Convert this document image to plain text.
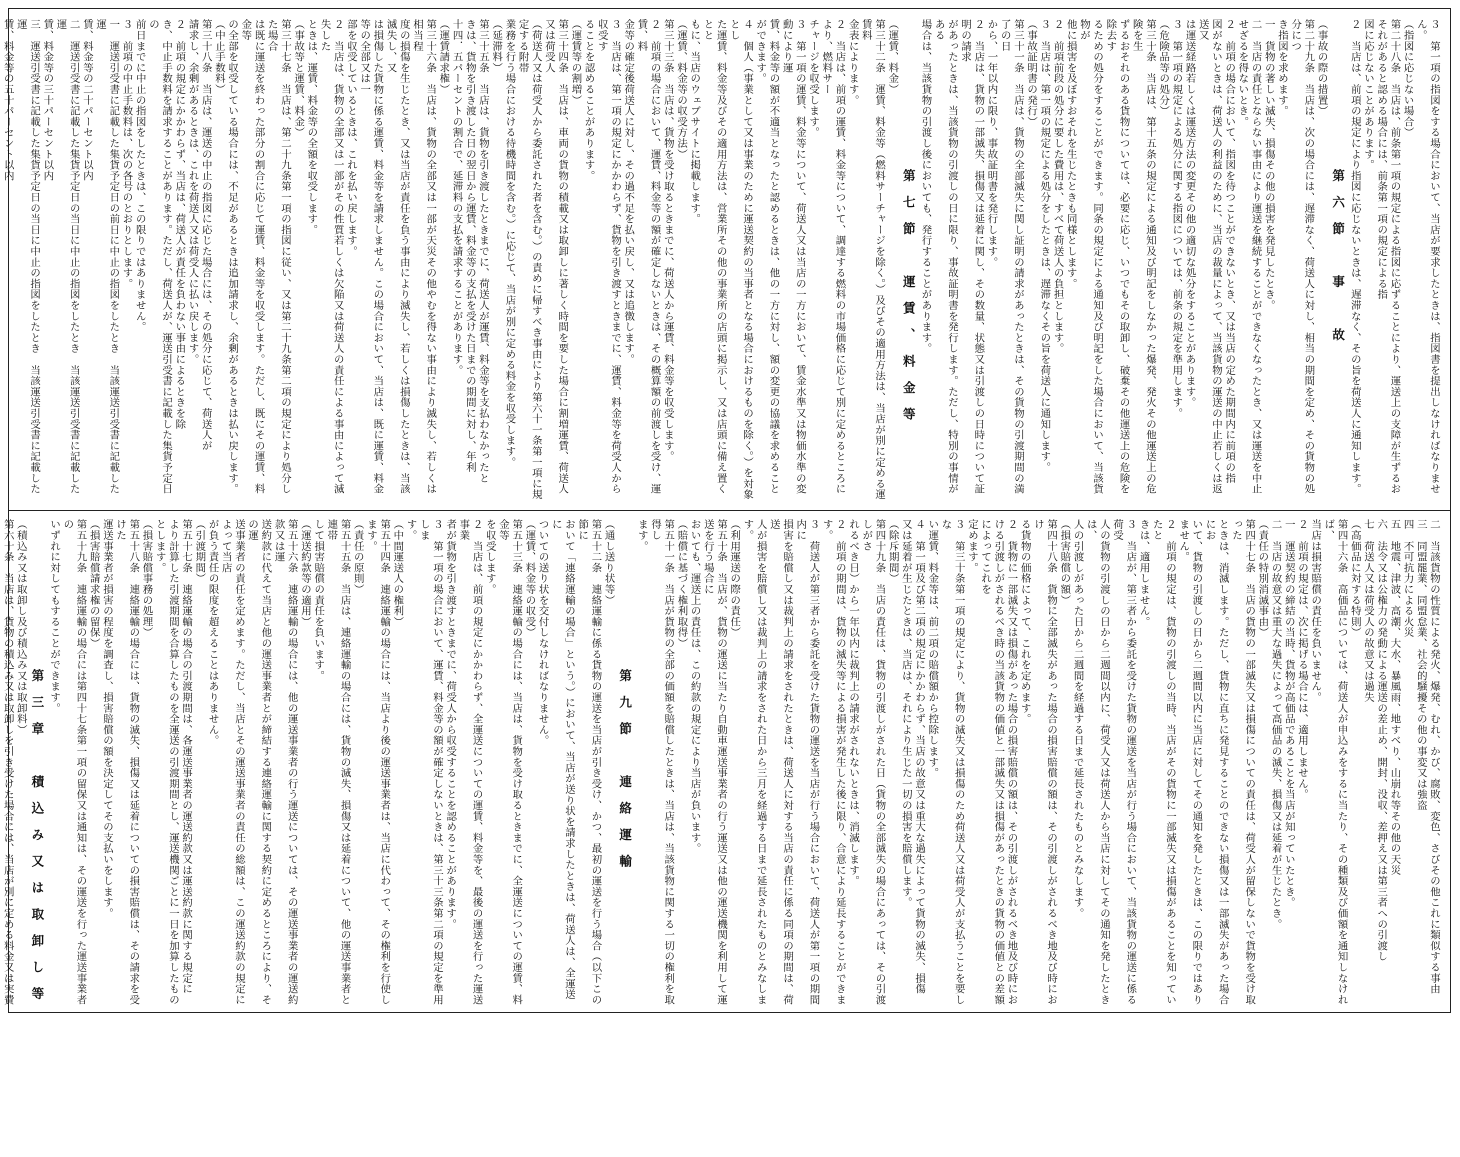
３　第一項の指図をする場合において、当店が要求したときは、指図書を提出しなければなりません。
（指図に応じない場合）
第二十八条　当店は、前条第一項の規定による指図に応ずることにより、運送上の支障が生ずるおそれがあると認める場合には、前条第一項の規定による指
図に応じないことがあります。
２　当店は、前項の規定により指図に応じないときは、遅滞なく、その旨を荷送人に通知します。
第六節　事　故
（事故の際の措置）
第二十九条　当店は、次の場合には、遅滞なく、荷送人に対し、相当の期間を定め、その貨物の処分につ
き指図を求めます。
一　貨物の著しい滅失、損傷その他の損害を発見したとき。
二　当店の責任とならない事由により運送を継続することができなくなったとき、又は運送を中止せざるを得ないとき。
２　前項の場合において、指図を待つことができないとき、又は当店の定めた期間内に前項の指
図がないときは、荷送人の利益のために、当店の裁量によって、当該貨物の運送の中止若しくは返送又
は運送経路若しくは運送方法の変更その他の適切な処分をすることがあります。
３　第一項の規定による処分に関する指図については、前条の規定を準用します。
（危険品等の処分）
第三十条　当店は、第十五条の規定による通知及び明記をしなかった爆発、発火その他運送上の危険を生
ずるおそれのある貨物については、必要に応じ、いつでもその取卸し、破棄その他運送上の危険を除去す
るための処分をすることができます。同条の規定による通知及び明記をした場合において、当該貨物が
他に損害を及ぼすおそれを生じたときも同様とします。
２　前項前段の処分に要した費用は、すべて荷送人の負担とします。
３　当店は、第一項の規定による処分をしたときは、遅滞なくその旨を荷送人に通知します。
（事故証明書の発行）
第三十一条　当店は、貨物の全部滅失に関し証明の請求があったときは、その貨物の引渡期間の満了の日
から、一年以内に限り、事故証明書を発行します。
２　当店は、貨物の一部滅失、損傷又は延着に関し、その数量、状態又は引渡しの日時について証明の請求
があったときは、当該貨物の引渡しの日に限り、事故証明書を発行します。ただし、特別の事情がある
場合は、当該貨物の引渡し後においても、発行することがあります。
第七節　運賃、料金等
（運賃、料金）
第三十二条　運賃、料金等（燃料サーチャージを除く。）及びその適用方法は、当店が別に定める運賃料
金表によります。
２　当店は、前項の運賃、料金等について、調達する燃料の市場価格に応じて別に定めるところにより、燃料サー
チャージを収受します。
３　第一項の運賃、料金等について、荷送人又は当店の一方において、賃金水準又は物価水準の変動により運
賃、料金等の額が不適当となったと認めるときは、他の一方に対し、額の変更の協議を求めることができます。
４　個人（事業として又は事業のために運送契約の当事者となる場合におけるものを除く。）を対象とし
た運賃、料金等及びその適用方法は、営業所その他の事業所の店頭に掲示し、又は店頭に備え置くとと
もに、当店のウェブサイトに掲載します。
（運賃、料金等の収受方法）
第三十三条　当店は、貨物を受け取るときまでに、荷送人から運賃、料金等を収受します。
２　前項の場合において、運賃、料金等の額が確定しないときは、その概算額の前渡しを受け、運賃、料
金等の確定後荷送人に対し、その過不足を払い戻し、又は追徴します。
３　当店は、第一項の規定にかかわらず、貨物を引き渡すときまでに、運賃、料金等を荷受人から収受す
ることを認めることがあります。
（運賃等の割増）
第三十四条　当店は、車両の貨物の積載又は取卸しに著しく時間を要した場合に割増運賃、荷送人又は荷受人
（荷送人又は荷受人から委託された者を含む。）の責めに帰すべき事由により第六十一条第一項に規定する附帯
業務を行う場合における待機時間を含む。）に応じて、当店が別に定める料金を収受します。
（延滞料）
第三十五条　当店は、貨物を引き渡したときまでに、荷送人が運賃、料金等を支払わなかったと
きは、貨物を引き渡した日の翌日から運賃、料金等の支払を受けた日までの期間に対し、年利
十四．五パーセントの割合で、延滞料の支払を請求することがあります。
（運賃請求権）
第三十六条　当店は、貨物の全部又は一部が天災その他やむを得ない事由により滅失し、若しくは相当程
度の損傷を生じたとき、又は当店が責任を負う事由により滅失し、若しくは損傷したときは、当該滅失し、又
は損傷した貨物に係る運賃、料金等を請求しません。この場合において、当店は、既に運賃、料金等の全部又は一
部を収受しているときは、これを払い戻します。
２　当店は、貨物の全部又は一部がその性質若しくは欠陥又は荷送人の責任による事由によって滅失した
ときは、運賃、料金等の全額を収受します。
（事故等と運賃、料金）
第三十七条　当店は、第二十九条第一項の指図に従い、又は第二十九条第二項の規定により処分した場合
は既に運送を終わった部分の割合に応じて運賃、料金等を収受します。ただし、既にその運賃、料金等
の全部を収受している場合には、不足があるときは追加請求し、余剰があるときは払い戻します。
（中止手数料）
第三十八条　当店は、運送の中止の指図に応じた場合には、その処分に応じて、荷送人が
請求し、余剰があるときは、これを荷送人又は荷受人に払い戻します。
２　前項の規定にかかわらず、当店は、荷送人が責任を負わない事由によるときを除
き、中止手数料を請求することがあります。ただし、荷送人が、運送引受書に記載した集貨予定日の
前日までに中止の指図をしたときは、この限りではありません。
３　前項の中止手数料は、次の各号のとおりとします。
一　運送引受書に記載した集貨予定日の前日に中止の指図をしたとき　当該運送引受書に記載した運
賃、料金等の二十パーセント以内
二　運送引受書に記載した集貨予定日の当日に中止の指図をしたとき　当該運送引受書に記載した運
賃、料金等の三十パーセント以内
三　運送引受書に記載した集貨予定日の当日に中止の指図をしたとき　当該運送引受書に記載した運
賃、料金等の五十パーセント以内
二　当該貨物の性質による発火、爆発、むれ、かび、腐敗、変色、さびその他これに類似する事由
三　同盟罷業、同盟怠業、社会的騒擾その他の事変又は強盗
四　不可抗力による火災
五　地震、津波、高潮、大水、暴風雨、地すべり、山崩れ等その他の天災
六　法令又は公権力の発動による運送の差止め、開封、没収、差押え又は第三者への引渡し
七　荷送人又は荷受人の故意又は過失
（高価品に対する特則）
第四十六条　高価品については、荷送人が申込みをするに当たり、その種類及び価額を通知しなければ、
当店は損害賠償の責任を負いません。
２　前項の規定は、次に掲げる場合には、適用しません。
一　運送契約の締結の当時、貨物が高価品であることを当店が知っていたとき。
二　当店の故意又は重大な過失によって高価品の滅失、損傷又は延着が生じたとき。
（責任の特別消滅事由）
第四十七条　当店の貨物の一部滅失又は損傷についての責任は、荷受人が留保しないで貨物を受け取った
ときは、消滅します。ただし、貨物に直ちに発見することのできない損傷又は一部滅失があった場合にお
いて、貨物の引渡しの日から二週間以内に当店に対してその通知を発したときは、この限りではあり
ません。
２　前項の規定は、貨物の引渡しの当時、当店がその貨物に一部滅失又は損傷があることを知っていたと
きは、適用しません。
３　当店が、第三者から委託を受けた貨物の運送を当店が行う場合において、当該貨物の運送に係る荷受
人の貨物の引渡しの日から二週間以内に、荷受人又は荷送人から当店に対してその通知を発したときは、
人の引渡しがあった日から二週間を経過する日まで延長されたものとみなします。
（損害賠償の額）
第四十八条　貨物に全部滅失があった場合の損害賠償の額は、その引渡しがされるべき地及び時におけ
る貨物の価格によって、これを定めます。
２　貨物に一部滅失又は損傷があった場合の損害賠償の額は、その引渡しがされるべき地及び時にお
ける引渡しがされるべき時の当該貨物の価値と一部滅失又は損傷があったときの貨物の価値との差額によってこれを
定めます。
３　第三十条第一項の規定により、貨物の滅失又は損傷のため荷送人又は荷受人が支払うことを要しな
い運賃、料金等は、前二項の賠償額から控除します。
４　第一項及び第二項の規定にかかわらず、当店の故意又は重大な過失によって貨物の滅失、損傷
又は延着が生じたときは、当店は、それにより生じた一切の損害を賠償します。
（除斥期間）
第四十九条　当店の責任は、貨物の引渡しがされた日（貨物の全部滅失の場合にあっては、その引渡しがさ
れるべき日）から一年以内に裁判上の請求がされないときは、消滅します。
２　前項の期間は、貨物の滅失等による損害が発生した後に限り、合意により延長することができます。
３　荷送人が第三者から委託を受けた貨物の運送を当店が行う場合において、荷送人が第一項の期間内に
損害を賠償し又は裁判上の請求をされたときは、荷送人に対する当店の責任に係る同項の期間は、荷送
人が損害を賠償し又は裁判上の請求をされた日から三月を経過する日まで延長されたものとみなします。
（利用運送の際の責任）
第五十条　当店が、貨物の運送に当たり自動車運送事業者の行う運送又は他の運送機関を利用して運送を行う場合に
おいても、運送上の責任は、この約款の規定により当店が負います。
（賠償に基づく権利取得）
第五十一条　当店が貨物の全部の価額を賠償したときは、当店は、当該貨物に関する一切の権利を取得し
ます。
第九節　連絡運輸
（通し送り状等）
第五十二条　連絡運輸に係る貨物の運送を当店が引き受け、かつ、最初の運送を行う場合（以下この節に
おいて「連絡運輸の場合」という。）において、当店が送り状を請求したときは、荷送人は、全運送に
ついての送り状を交付しなければなりません。
（運賃、料金等の収受）
第五十三条　連絡運輸の場合には、当店は、貨物を受け取るときまでに、全運送についての運賃、料金等
を収受します。
２　当店は、前項の規定にかかわらず、全運送についての運賃、料金等を、最後の運送を行った運送事業
者が貨物を引き渡すときまでに、荷受人から収受することを認めることがあります。
３　第一項の場合において、運賃、料金等の額が確定しないときは、第三十三条第二項の規定を準用しま
す。
（中間運送人の権利）
第五十四条　連絡運輸の場合には、当店より後の運送事業者は、当店に代わって、その権利を行使します。
（責任の原則）
第五十五条　当店は、連絡運輸の場合には、貨物の滅失、損傷又は延着について、他の運送事業者と連帯
して損害賠償の責任を負います。
（運送約款等の適用）
第五十六条　連絡運輸の場合には、他の運送事業者の行う運送については、その運送事業者の運送約款又は運
送約款に代えて当店と他の運送事業者とが締結する連絡運輸に関する契約に定めるところにより、その運
送事業者の責任を定めます。ただし、当店とその運送事業者の責任の総額は、この運送約款の規定によって当店
が負う責任の限度を超えることはありません。
（引渡期間）
第五十七条　連絡運輸の場合の引渡期間は、各運送事業者の運送約款又は運送約款に関する規定に
より計算した引渡期間を合算したものを全運送の引渡期間とし、運送機関ごとに一日を加算したもの
とします。
（損害賠償事務の処理）
第五十八条　連絡運輸の場合には、貨物の滅失、損傷又は延着についての損害賠償は、その請求を受けた
運送事業者が損害の程度を調査し、損害賠償の額を決定してその支払いをします。
（損害賠償請求権の留保）
第五十九条　連絡運輸の場合には第四十七条第一項の留保又は通知は、その運送を行った運送事業者の
いずれに対してもすることができます。
第三章　積込み又は取卸し等
（積込み又は取卸し及び積込み又は取卸料）
第六十条　当店は、貨物の積込み又は取卸しを引き受けた場合には、当店が別に定める料金又は実費
